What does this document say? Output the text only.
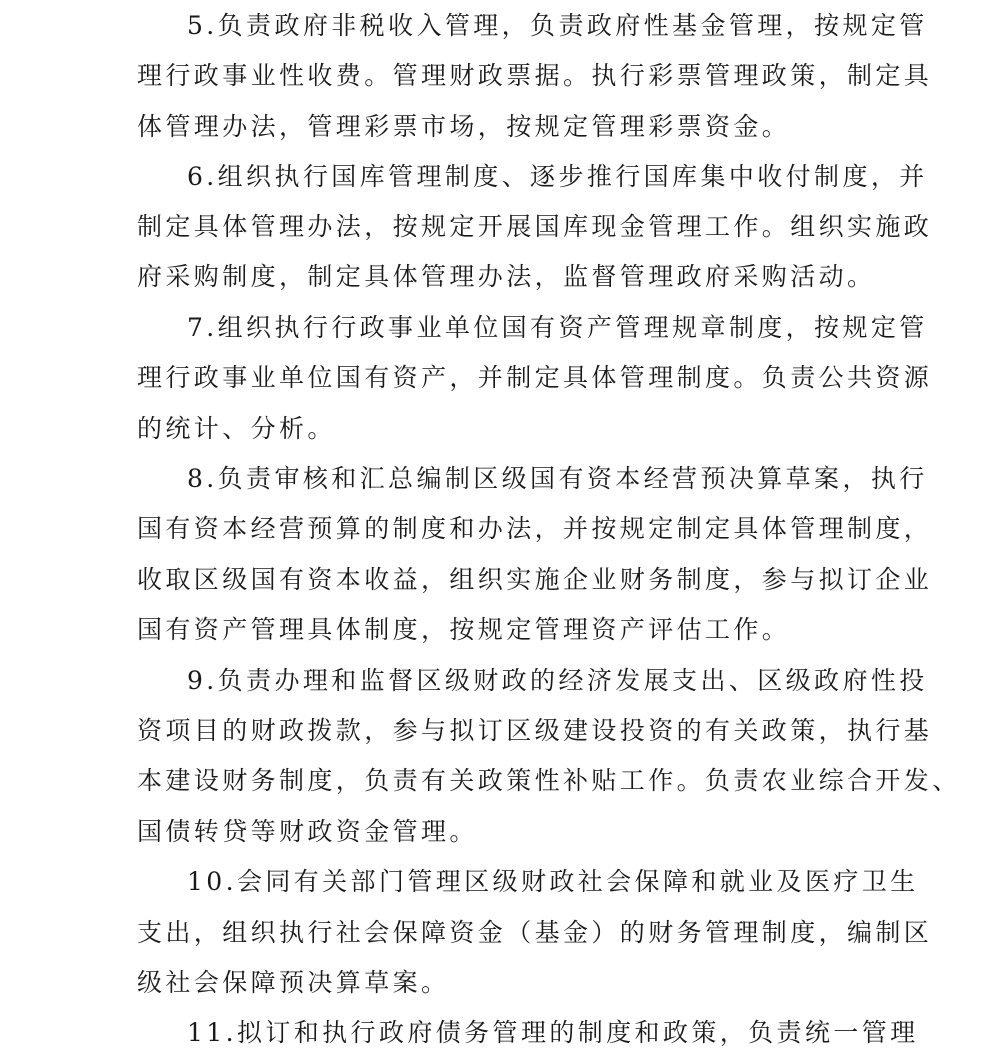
5.负责政府非税收入管理，负责政府性基金管理，按规定管
理行政事业性收费。管理财政票据。执行彩票管理政策，制定具
体管理办法，管理彩票市场，按规定管理彩票资金。
6.组织执行国库管理制度、逐步推行国库集中收付制度，并
制定具体管理办法，按规定开展国库现金管理工作。组织实施政
府采购制度，制定具体管理办法，监督管理政府采购活动。
7.组织执行行政事业单位国有资产管理规章制度，按规定管
理行政事业单位国有资产，并制定具体管理制度。负责公共资源
的统计、分析。
8.负责审核和汇总编制区级国有资本经营预决算草案，执行
国有资本经营预算的制度和办法，并按规定制定具体管理制度，
收取区级国有资本收益，组织实施企业财务制度，参与拟订企业
国有资产管理具体制度，按规定管理资产评估工作。
9.负责办理和监督区级财政的经济发展支出、区级政府性投
资项目的财政拨款，参与拟订区级建设投资的有关政策，执行基
本建设财务制度，负责有关政策性补贴工作。负责农业综合开发、
国债转贷等财政资金管理。
10.会同有关部门管理区级财政社会保障和就业及医疗卫生
支出，组织执行社会保障资金（基金）的财务管理制度，编制区
级社会保障预决算草案。
11.拟订和执行政府债务管理的制度和政策，负责统一管理
